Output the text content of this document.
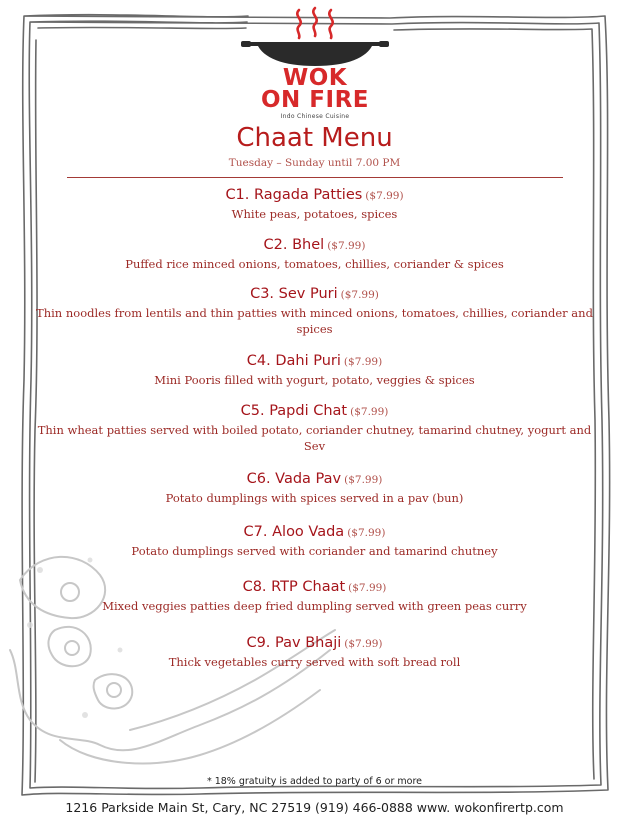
WOK
ON FIRE
Indo Chinese Cuisine
Chaat Menu
Tuesday – Sunday until 7.00 PM
C1. Ragada Patties ($7.99)
White peas, potatoes, spices
C2. Bhel ($7.99)
Puffed rice minced onions, tomatoes, chillies, coriander & spices
C3. Sev Puri ($7.99)
Thin noodles from lentils and thin patties with minced onions, tomatoes, chillies, coriander and spices
C4. Dahi Puri ($7.99)
Mini Pooris filled with yogurt, potato, veggies & spices
C5. Papdi Chat ($7.99)
Thin wheat patties served with boiled potato, coriander chutney, tamarind chutney, yogurt and Sev
C6. Vada Pav ($7.99)
Potato dumplings with spices served in a pav (bun)
C7. Aloo Vada ($7.99)
Potato dumplings served with coriander and tamarind chutney
C8. RTP Chaat ($7.99)
Mixed veggies patties deep fried dumpling served with green peas curry
C9. Pav Bhaji ($7.99)
Thick vegetables curry served with soft bread roll
* 18% gratuity is added to party of 6 or more
1216 Parkside Main St, Cary, NC 27519 (919) 466-0888 www. wokonfirertp.com
